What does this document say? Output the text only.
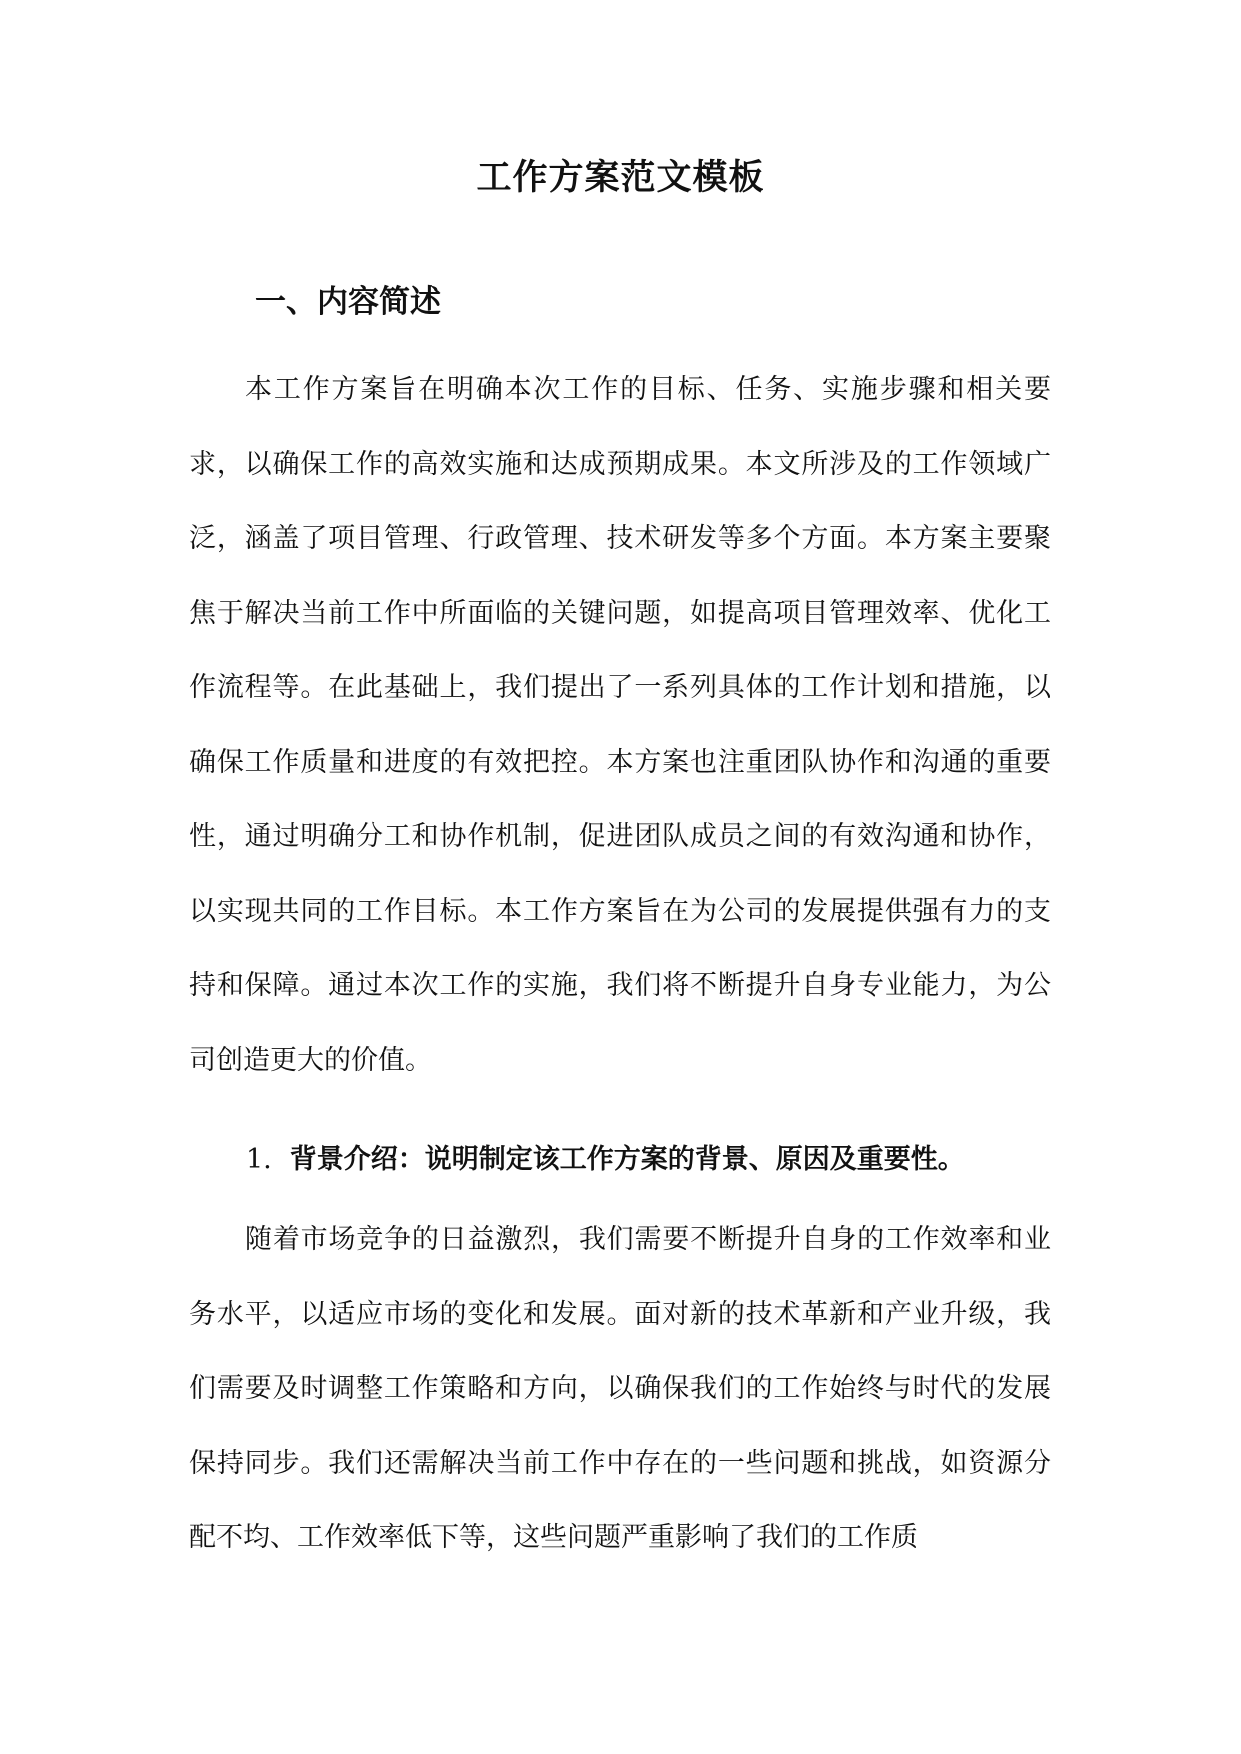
工作方案范文模板
一、内容简述

本工作方案旨在明确本次工作的目标、任务、实施步骤和相关要求，以确保工作的高效实施和达成预期成果。本文所涉及的工作领域广泛，涵盖了项目管理、行政管理、技术研发等多个方面。本方案主要聚焦于解决当前工作中所面临的关键问题，如提高项目管理效率、优化工作流程等。在此基础上，我们提出了一系列具体的工作计划和措施，以确保工作质量和进度的有效把控。本方案也注重团队协作和沟通的重要性，通过明确分工和协作机制，促进团队成员之间的有效沟通和协作，以实现共同的工作目标。本工作方案旨在为公司的发展提供强有力的支持和保障。通过本次工作的实施，我们将不断提升自身专业能力，为公司创造更大的价值。

1. 背景介绍：说明制定该工作方案的背景、原因及重要性。

随着市场竞争的日益激烈，我们需要不断提升自身的工作效率和业务水平，以适应市场的变化和发展。面对新的技术革新和产业升级，我们需要及时调整工作策略和方向，以确保我们的工作始终与时代的发展保持同步。我们还需解决当前工作中存在的一些问题和挑战，如资源分配不均、工作效率低下等，这些问题严重影响了我们的工作质
